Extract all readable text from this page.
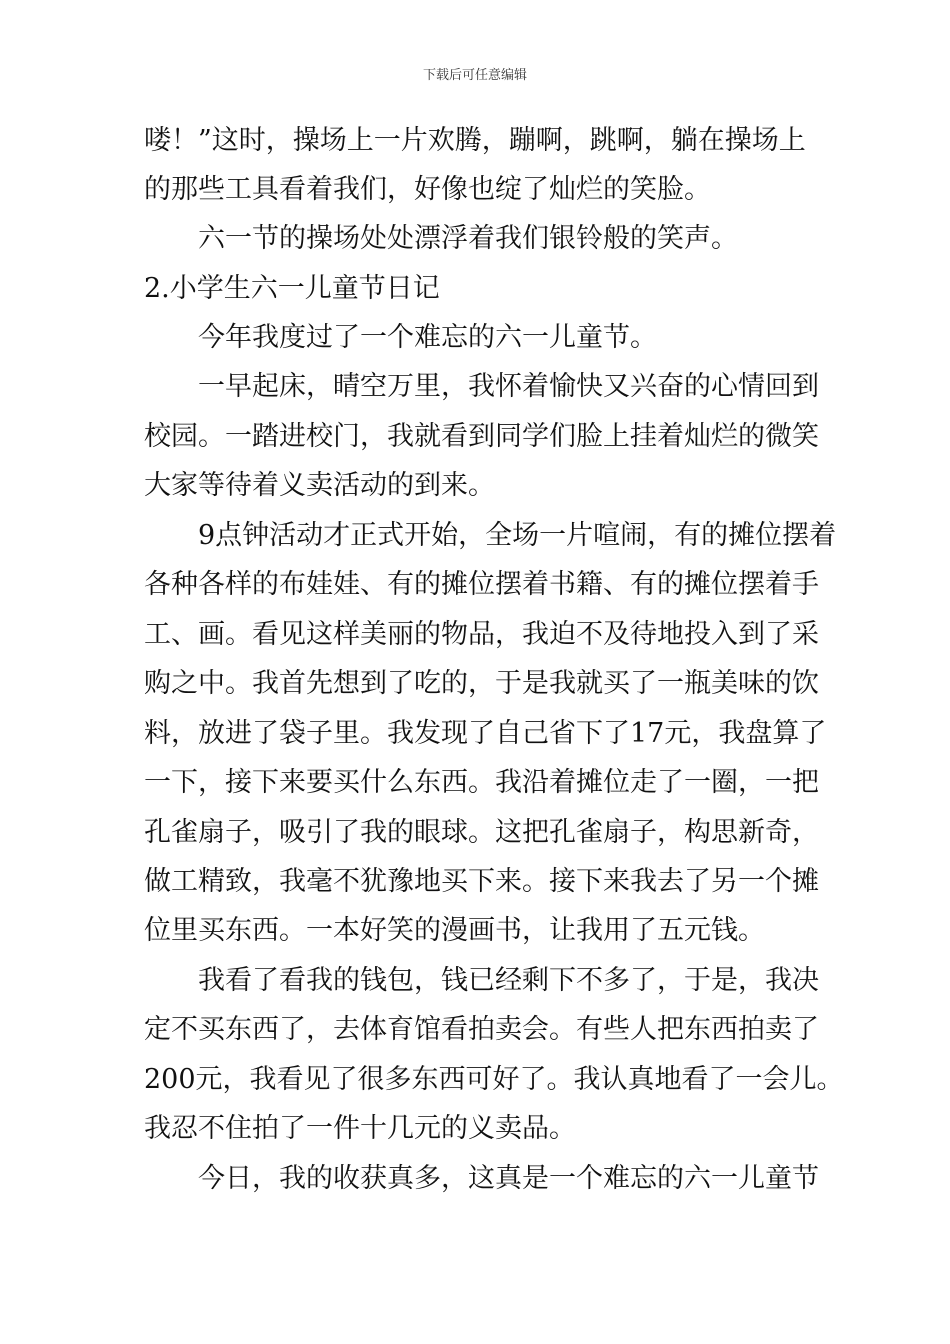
下载后可任意编辑
喽！”这时，操场上一片欢腾，蹦啊，跳啊，躺在操场上
的那些工具看着我们，好像也绽了灿烂的笑脸。
六一节的操场处处漂浮着我们银铃般的笑声。
2.小学生六一儿童节日记
今年我度过了一个难忘的六一儿童节。
一早起床，晴空万里，我怀着愉快又兴奋的心情回到
校园。一踏进校门，我就看到同学们脸上挂着灿烂的微笑
大家等待着义卖活动的到来。
9点钟活动才正式开始，全场一片喧闹，有的摊位摆着
各种各样的布娃娃、有的摊位摆着书籍、有的摊位摆着手
工、画。看见这样美丽的物品，我迫不及待地投入到了采
购之中。我首先想到了吃的，于是我就买了一瓶美味的饮
料，放进了袋子里。我发现了自己省下了17元，我盘算了
一下，接下来要买什么东西。我沿着摊位走了一圈，一把
孔雀扇子，吸引了我的眼球。这把孔雀扇子，构思新奇，
做工精致，我毫不犹豫地买下来。接下来我去了另一个摊
位里买东西。一本好笑的漫画书，让我用了五元钱。
我看了看我的钱包，钱已经剩下不多了，于是，我决
定不买东西了，去体育馆看拍卖会。有些人把东西拍卖了
200元，我看见了很多东西可好了。我认真地看了一会儿。
我忍不住拍了一件十几元的义卖品。
今日，我的收获真多，这真是一个难忘的六一儿童节
